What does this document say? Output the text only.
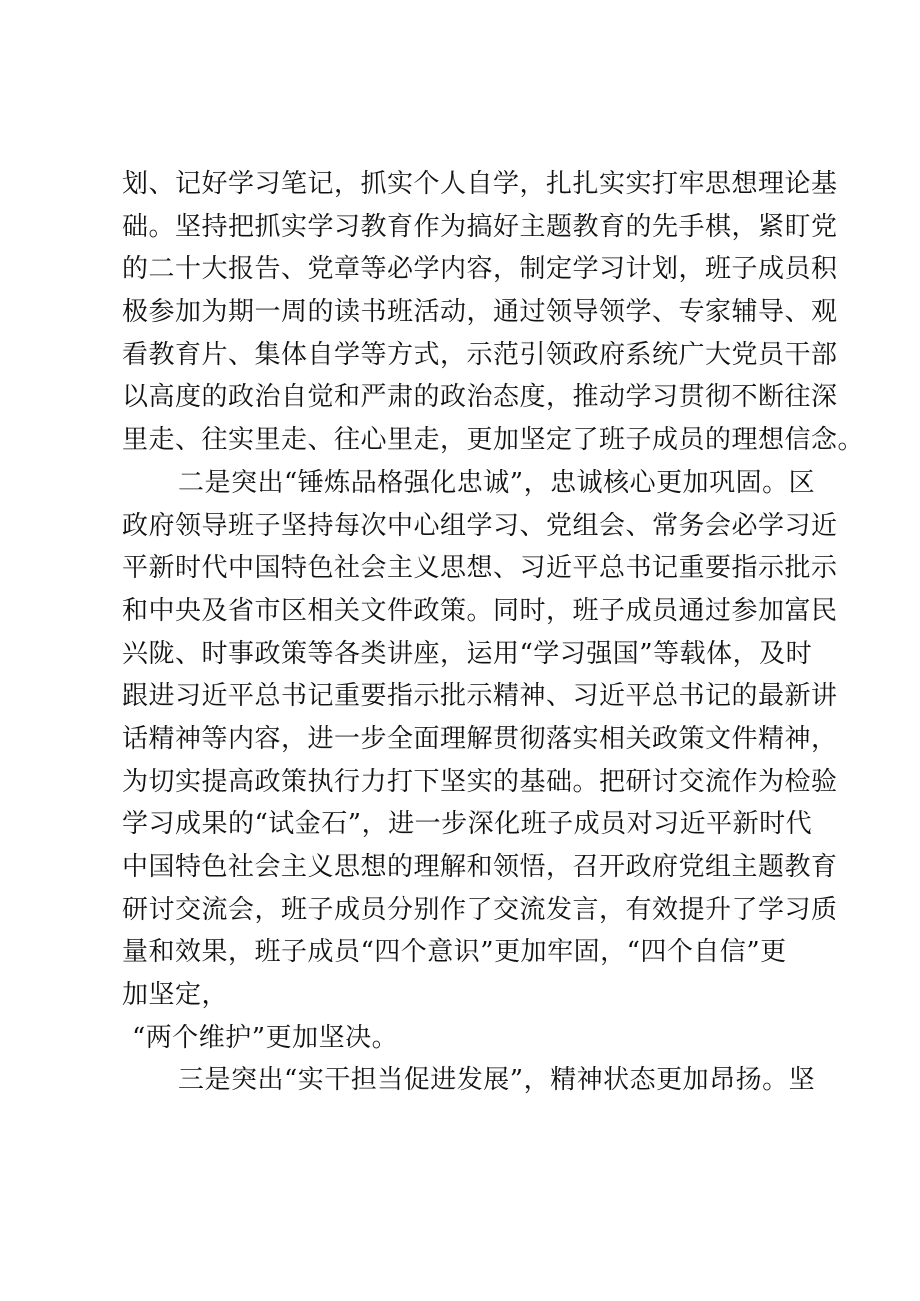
划、记好学习笔记，抓实个人自学，扎扎实实打牢思想理论基
础。坚持把抓实学习教育作为搞好主题教育的先手棋，紧盯党
的二十大报告、党章等必学内容，制定学习计划，班子成员积
极参加为期一周的读书班活动，通过领导领学、专家辅导、观
看教育片、集体自学等方式，示范引领政府系统广大党员干部
以高度的政治自觉和严肃的政治态度，推动学习贯彻不断往深
里走、往实里走、往心里走，更加坚定了班子成员的理想信念。
二是突出“锤炼品格强化忠诚”，忠诚核心更加巩固。区
政府领导班子坚持每次中心组学习、党组会、常务会必学习近
平新时代中国特色社会主义思想、习近平总书记重要指示批示
和中央及省市区相关文件政策。同时，班子成员通过参加富民
兴陇、时事政策等各类讲座，运用“学习强国”等载体，及时
跟进习近平总书记重要指示批示精神、习近平总书记的最新讲
话精神等内容，进一步全面理解贯彻落实相关政策文件精神，
为切实提高政策执行力打下坚实的基础。把研讨交流作为检验
学习成果的“试金石”，进一步深化班子成员对习近平新时代
中国特色社会主义思想的理解和领悟，召开政府党组主题教育
研讨交流会，班子成员分别作了交流发言，有效提升了学习质
量和效果，班子成员“四个意识”更加牢固，“四个自信”更
加坚定，
“两个维护”更加坚决。
三是突出“实干担当促进发展”，精神状态更加昂扬。坚
